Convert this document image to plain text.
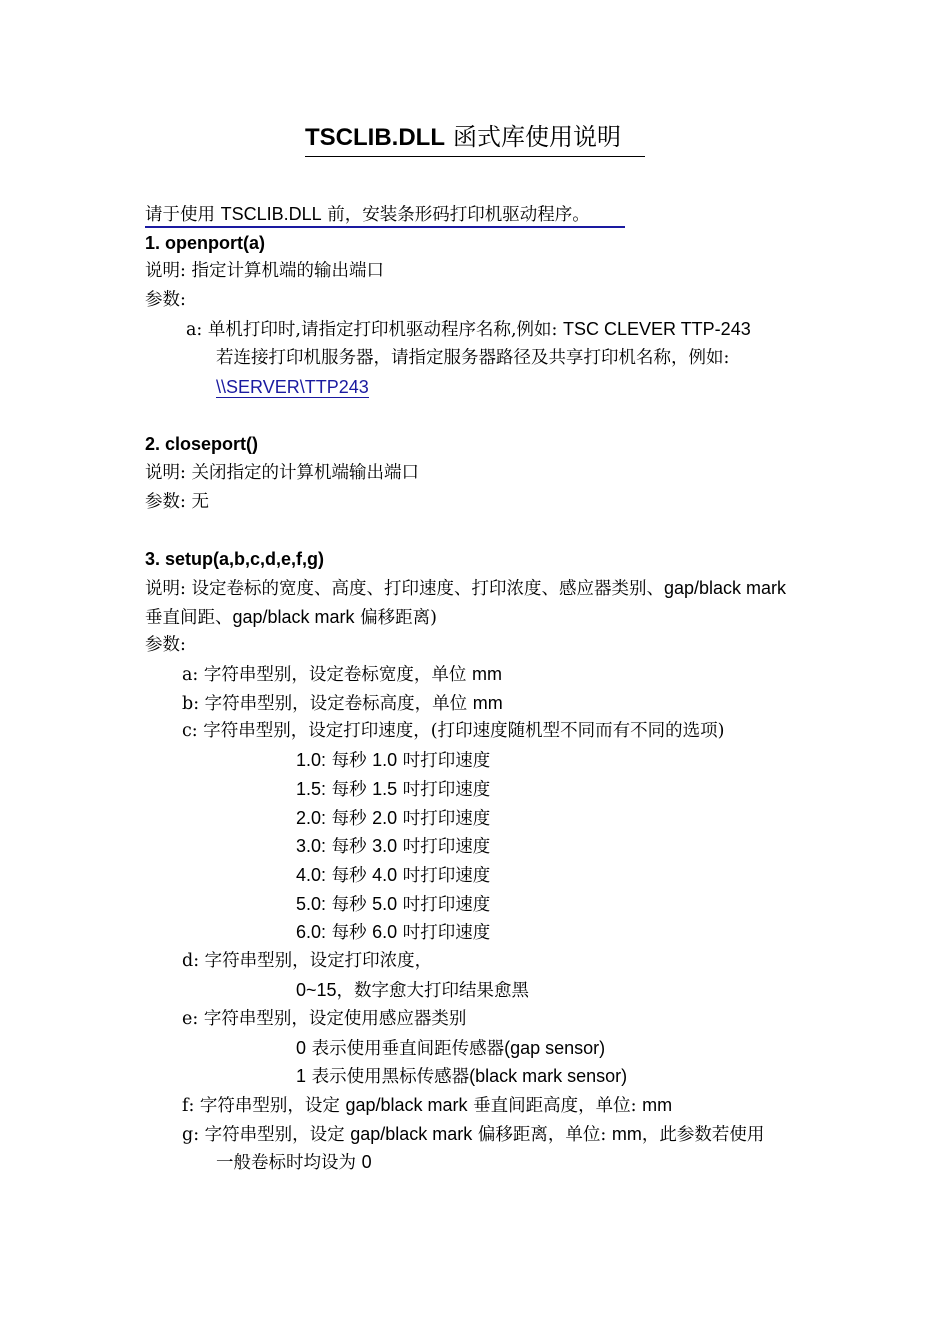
TSCLIB.DLL 函式库使用说明
请于使用 TSCLIB.DLL 前，安装条形码打印机驱动程序。
1. openport(a)
说明: 指定计算机端的输出端口
参数:
a: 单机打印时,请指定打印机驱动程序名称,例如: TSC CLEVER TTP-243
若连接打印机服务器，请指定服务器路径及共享打印机名称，例如:
\\SERVER\TTP243
2. closeport()
说明: 关闭指定的计算机端输出端口
参数: 无
3. setup(a,b,c,d,e,f,g)
说明: 设定卷标的宽度、高度、打印速度、打印浓度、感应器类别、gap/black mark
垂直间距、gap/black mark 偏移距离)
参数:
a: 字符串型别，设定卷标宽度，单位 mm
b: 字符串型别，设定卷标高度，单位 mm
c: 字符串型别，设定打印速度，(打印速度随机型不同而有不同的选项)
1.0: 每秒 1.0 吋打印速度
1.5: 每秒 1.5 吋打印速度
2.0: 每秒 2.0 吋打印速度
3.0: 每秒 3.0 吋打印速度
4.0: 每秒 4.0 吋打印速度
5.0: 每秒 5.0 吋打印速度
6.0: 每秒 6.0 吋打印速度
d: 字符串型别，设定打印浓度，
0~15，数字愈大打印结果愈黑
e: 字符串型别，设定使用感应器类别
0 表示使用垂直间距传感器(gap sensor)
1 表示使用黑标传感器(black mark sensor)
f: 字符串型别，设定 gap/black mark 垂直间距高度，单位: mm
g: 字符串型别，设定 gap/black mark 偏移距离，单位: mm，此参数若使用
一般卷标时均设为 0
